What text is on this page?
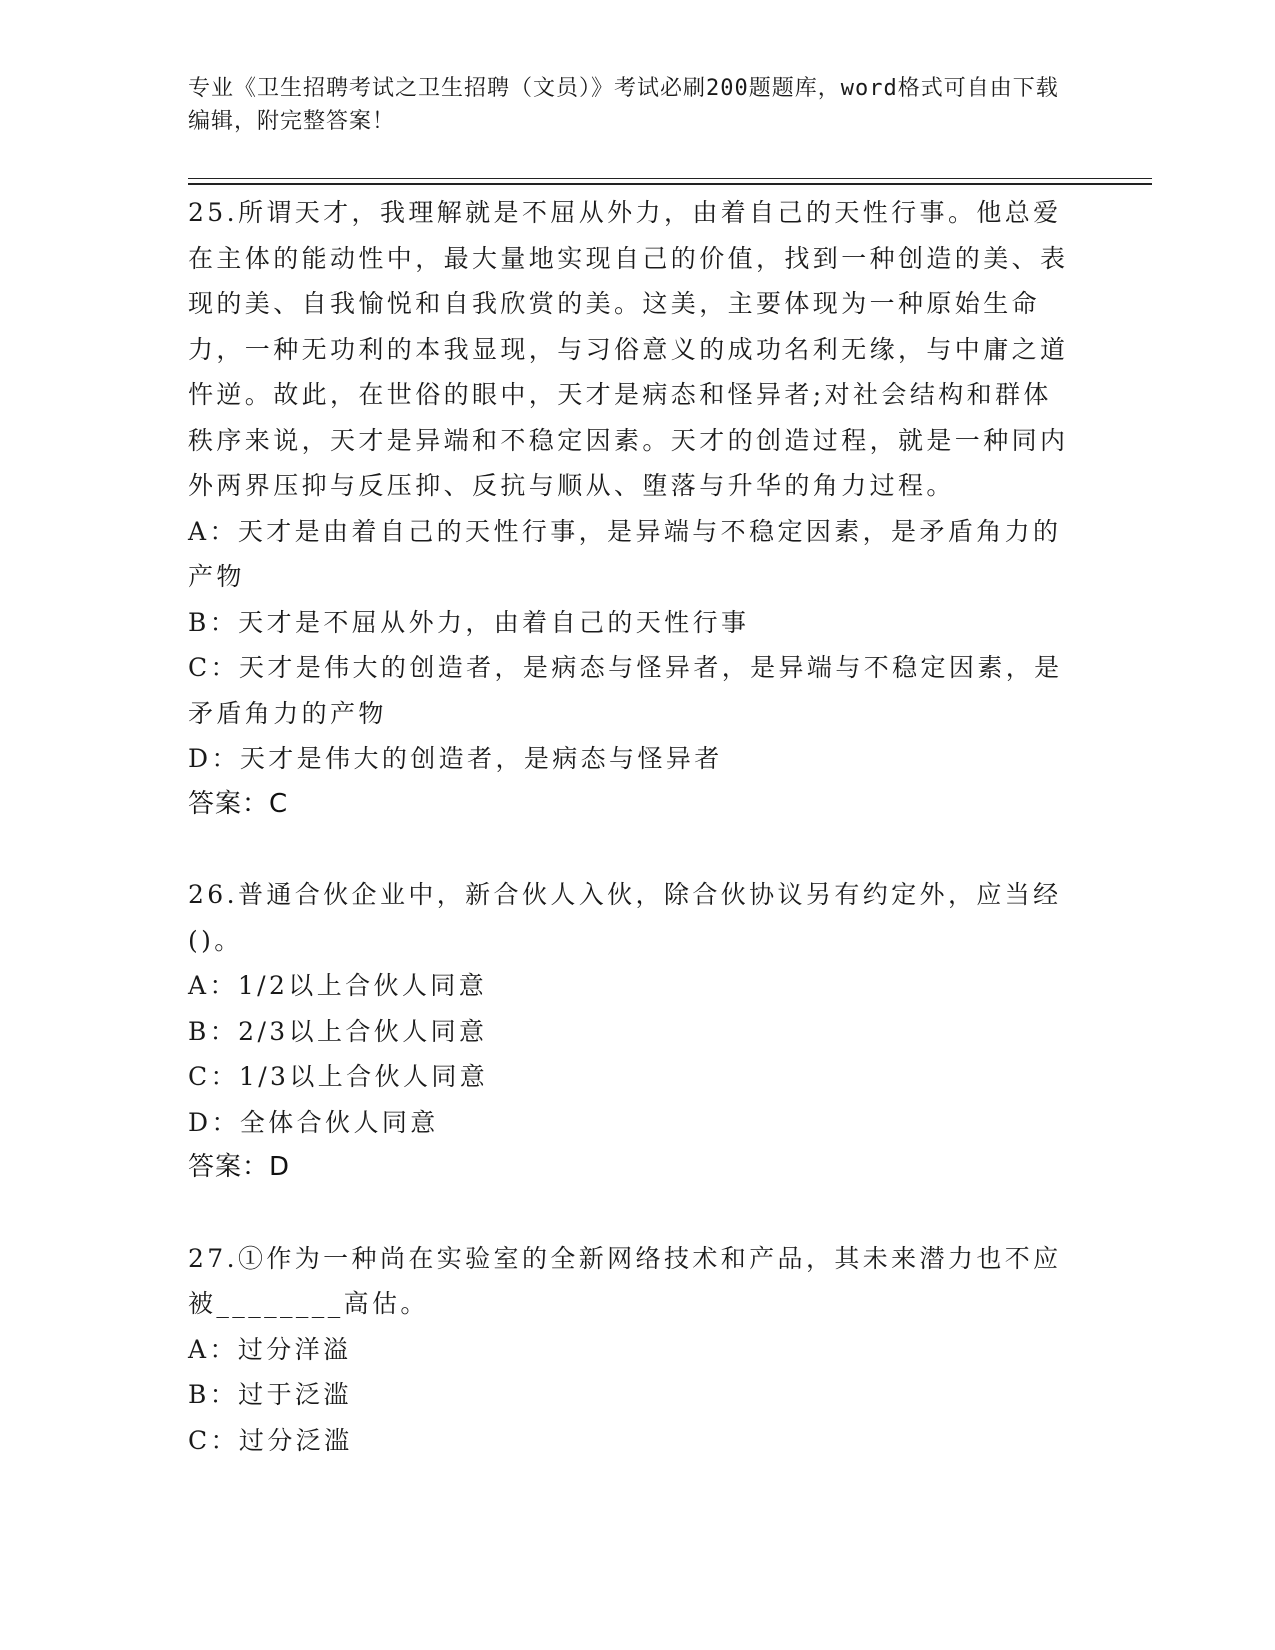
专业《卫生招聘考试之卫生招聘（文员）》考试必刷200题题库，word格式可自由下载编辑，附完整答案！
25.所谓天才，我理解就是不屈从外力，由着自己的天性行事。他总爱在主体的能动性中，最大量地实现自己的价值，找到一种创造的美、表现的美、自我愉悦和自我欣赏的美。这美，主要体现为一种原始生命力，一种无功利的本我显现，与习俗意义的成功名利无缘，与中庸之道忤逆。故此，在世俗的眼中，天才是病态和怪异者;对社会结构和群体秩序来说，天才是异端和不稳定因素。天才的创造过程，就是一种同内外两界压抑与反压抑、反抗与顺从、堕落与升华的角力过程。
A：天才是由着自己的天性行事，是异端与不稳定因素，是矛盾角力的产物
B：天才是不屈从外力，由着自己的天性行事
C：天才是伟大的创造者，是病态与怪异者，是异端与不稳定因素，是矛盾角力的产物
D：天才是伟大的创造者，是病态与怪异者
答案：C
26.普通合伙企业中，新合伙人入伙，除合伙协议另有约定外，应当经()。
A：1/2以上合伙人同意
B：2/3以上合伙人同意
C：1/3以上合伙人同意
D：全体合伙人同意
答案：D
27.①作为一种尚在实验室的全新网络技术和产品，其未来潜力也不应被________高估。
A：过分洋溢
B：过于泛滥
C：过分泛滥
